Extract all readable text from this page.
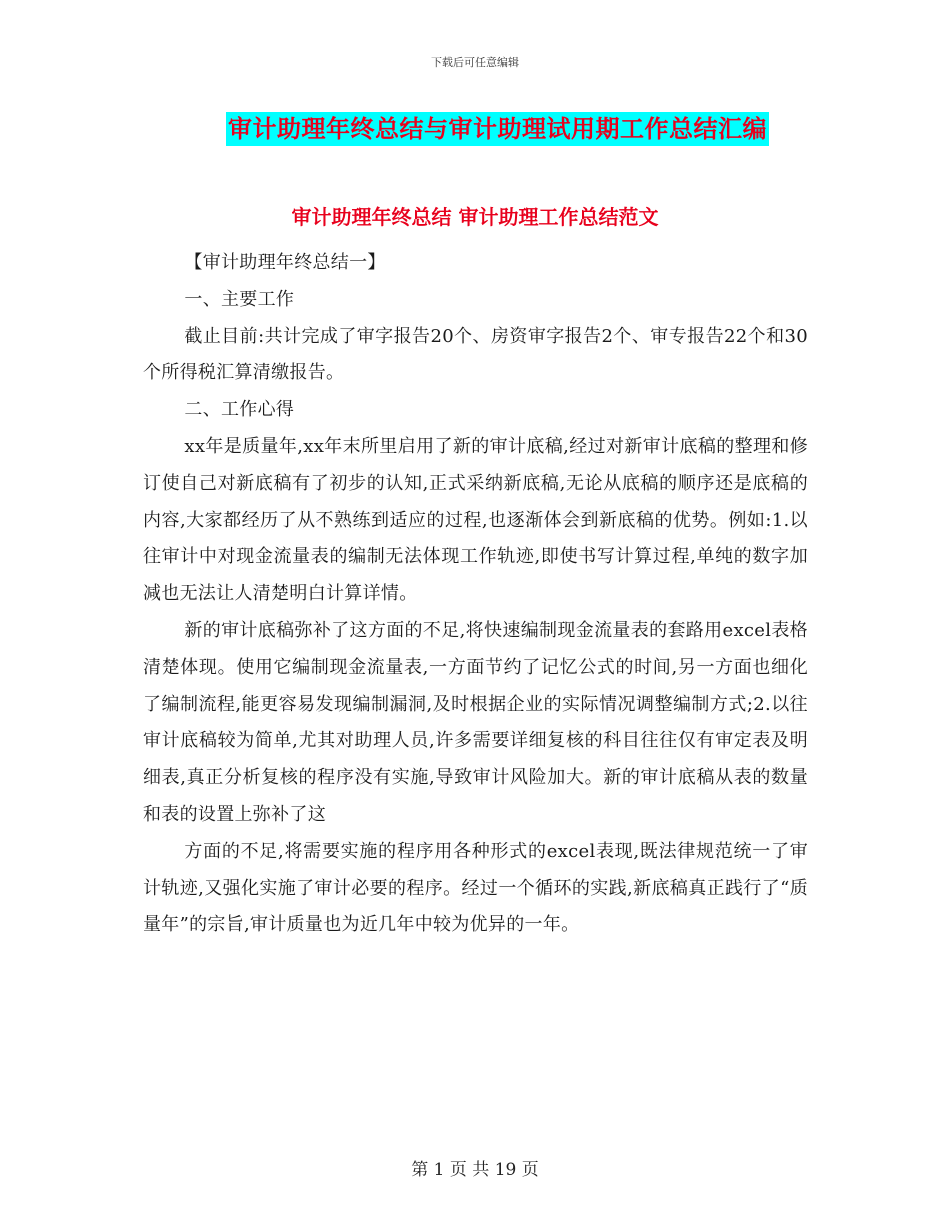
下载后可任意编辑
审计助理年终总结与审计助理试用期工作总结汇编
审计助理年终总结 审计助理工作总结范文

【审计助理年终总结一】

一、主要工作

截止目前:共计完成了审字报告20个、房资审字报告2个、审专报告22个和30个所得税汇算清缴报告。

二、工作心得

xx年是质量年,xx年末所里启用了新的审计底稿,经过对新审计底稿的整理和修订使自己对新底稿有了初步的认知,正式采纳新底稿,无论从底稿的顺序还是底稿的内容,大家都经历了从不熟练到适应的过程,也逐渐体会到新底稿的优势。例如:1.以往审计中对现金流量表的编制无法体现工作轨迹,即使书写计算过程,单纯的数字加减也无法让人清楚明白计算详情。

新的审计底稿弥补了这方面的不足,将快速编制现金流量表的套路用excel表格清楚体现。使用它编制现金流量表,一方面节约了记忆公式的时间,另一方面也细化了编制流程,能更容易发现编制漏洞,及时根据企业的实际情况调整编制方式;2.以往审计底稿较为简单,尤其对助理人员,许多需要详细复核的科目往往仅有审定表及明细表,真正分析复核的程序没有实施,导致审计风险加大。新的审计底稿从表的数量和表的设置上弥补了这

方面的不足,将需要实施的程序用各种形式的excel表现,既法律规范统一了审计轨迹,又强化实施了审计必要的程序。经过一个循环的实践,新底稿真正践行了“质量年”的宗旨,审计质量也为近几年中较为优异的一年。

第 1 页 共 19 页
